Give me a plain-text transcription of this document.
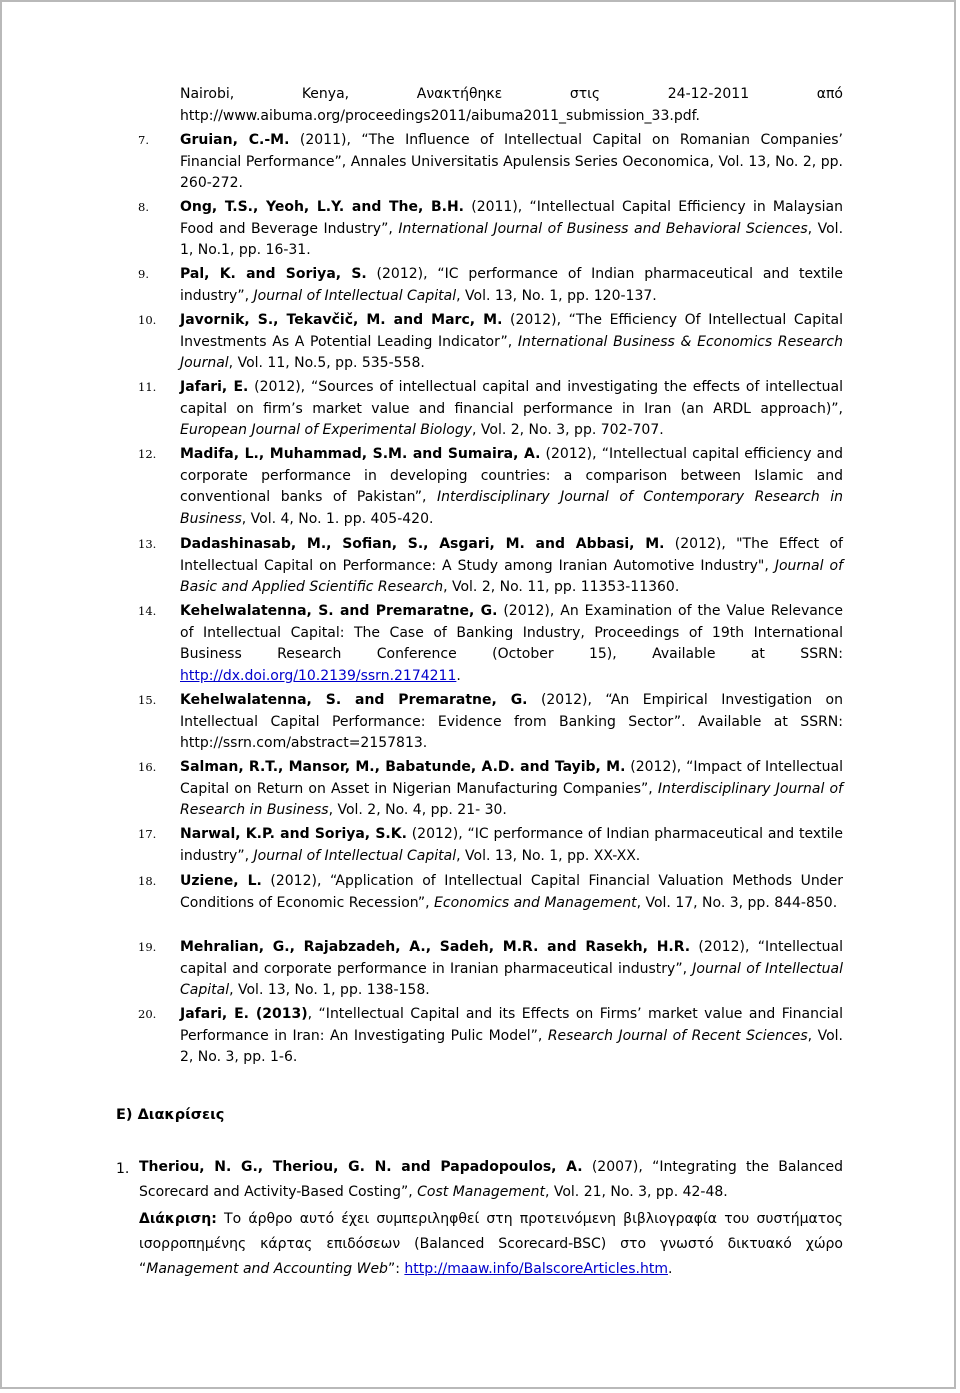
Nairobi,	Kenya,	Ανακτήθηκε	στις	24-12-2011	από
http://www.aibuma.org/proceedings2011/aibuma2011_submission_33.pdf.
7.	Gruian, C.-M. (2011), “The Influence of Intellectual Capital on Romanian Companies’ Financial Performance”, Annales Universitatis Apulensis Series Oeconomica, Vol. 13, No. 2, pp. 260-272.

8.	Ong, T.S., Yeoh, L.Y. and The, B.H. (2011), “Intellectual Capital Efficiency in Malaysian Food and Beverage Industry”, International Journal of Business and Behavioral Sciences, Vol. 1, No.1, pp. 16-31.

9.	Pal, K. and Soriya, S. (2012), “IC performance of Indian pharmaceutical and textile industry”, Journal of Intellectual Capital, Vol. 13, No. 1, pp. 120-137.

10.	Javornik, S., Tekavčič, M. and Marc, M. (2012), “The Efficiency Of Intellectual Capital Investments As A Potential Leading Indicator”, International Business & Economics Research Journal, Vol. 11, No.5, pp. 535-558.

11.	Jafari, E. (2012), “Sources of intellectual capital and investigating the effects of intellectual capital on firm’s market value and financial performance in Iran (an ARDL approach)”, European Journal of Experimental Biology, Vol. 2, No. 3, pp. 702-707.

12.	Madifa, L., Muhammad, S.M. and Sumaira, A. (2012), “Intellectual capital efficiency and corporate performance in developing countries: a comparison between Islamic and conventional banks of Pakistan”, Interdisciplinary Journal of Contemporary Research in Business, Vol. 4, No. 1. pp. 405-420.

13.	Dadashinasab, M., Sofian, S., Asgari, M. and Abbasi, M. (2012), "The Effect of Intellectual Capital on Performance: A Study among Iranian Automotive Industry", Journal of Basic and Applied Scientific Research, Vol. 2, No. 11, pp. 11353-11360.

14.	Kehelwalatenna, S. and Premaratne, G. (2012), An Examination of the Value Relevance of Intellectual Capital: The Case of Banking Industry, Proceedings of 19th International Business Research Conference (October 15), Available at SSRN: http://dx.doi.org/10.2139/ssrn.2174211.

15.	Kehelwalatenna, S. and Premaratne, G. (2012), “An Empirical Investigation on Intellectual Capital Performance: Evidence from Banking Sector”. Available at SSRN: http://ssrn.com/abstract=2157813.

16.	Salman, R.T., Mansor, M., Babatunde, A.D. and Tayib, M. (2012), “Impact of Intellectual Capital on Return on Asset in Nigerian Manufacturing Companies”, Interdisciplinary Journal of Research in Business, Vol. 2, No. 4, pp. 21- 30.

17.	Narwal, K.P. and Soriya, S.K. (2012), “IC performance of Indian pharmaceutical and textile industry”, Journal of Intellectual Capital, Vol. 13, No. 1, pp. XX-XX.

18.	Uziene, L. (2012), “Application of Intellectual Capital Financial Valuation Methods Under Conditions of Economic Recession”, Economics and Management, Vol. 17, No. 3, pp. 844-850.

19.	Mehralian, G., Rajabzadeh, A., Sadeh, M.R. and Rasekh, H.R. (2012), “Intellectual capital and corporate performance in Iranian pharmaceutical industry”, Journal of Intellectual Capital, Vol. 13, No. 1, pp. 138-158.

20.	Jafari, E. (2013), “Intellectual Capital and its Effects on Firms’ market value and Financial Performance in Iran: An Investigating Pulic Model”, Research Journal of Recent Sciences, Vol. 2, No. 3, pp. 1-6.

Ε) Διακρίσεις
1. Theriou, N. G., Theriou, G. N. and Papadopoulos, A. (2007), “Integrating the Balanced Scorecard and Activity-Based Costing”, Cost Management, Vol. 21, No. 3, pp. 42-48.

Διάκριση: Το άρθρο αυτό έχει συμπεριληφθεί στη προτεινόμενη βιβλιογραφία του συστήματος ισορροπημένης κάρτας επιδόσεων (Balanced Scorecard-BSC) στο γνωστό δικτυακό χώρο “Management and Accounting Web”: http://maaw.info/BalscoreArticles.htm.
